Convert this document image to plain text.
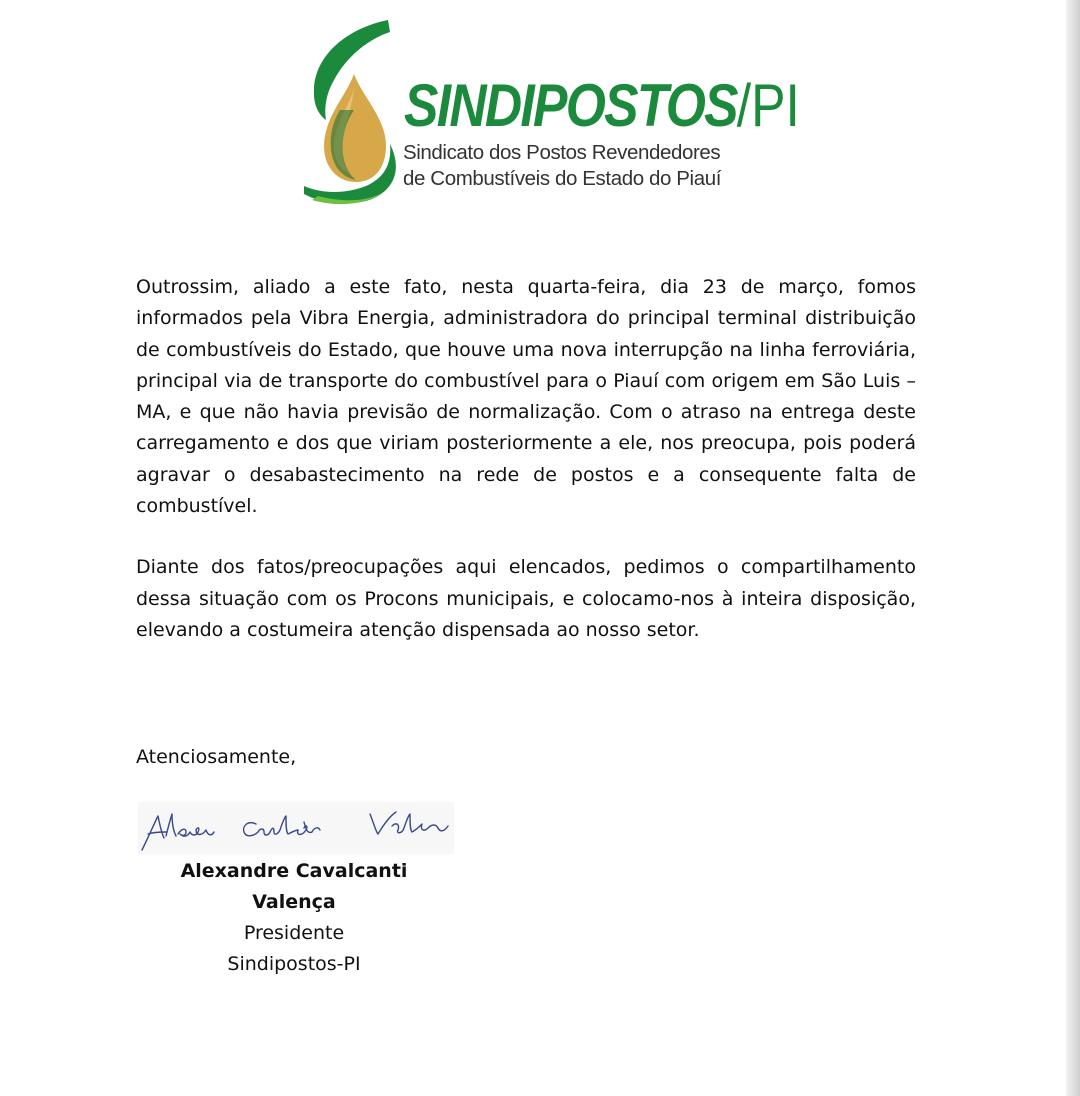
SINDIPOSTOS/PI
Sindicato dos Postos Revendedores
de Combustíveis do Estado do Piauí

Outrossim, aliado a este fato, nesta quarta-feira, dia 23 de março, fomos informados pela Vibra Energia, administradora do principal terminal distribuição de combustíveis do Estado, que houve uma nova interrupção na linha ferroviária, principal via de transporte do combustível para o Piauí com origem em São Luis – MA, e que não havia previsão de normalização. Com o atraso na entrega deste carregamento e dos que viriam posteriormente a ele, nos preocupa, pois poderá agravar o desabastecimento na rede de postos e a consequente falta de combustível.

Diante dos fatos/preocupações aqui elencados, pedimos o compartilhamento dessa situação com os Procons municipais, e colocamo-nos à inteira disposição, elevando a costumeira atenção dispensada ao nosso setor.

Atenciosamente,
Alexandre Cavalcanti Valença
Presidente
Sindipostos-PI
